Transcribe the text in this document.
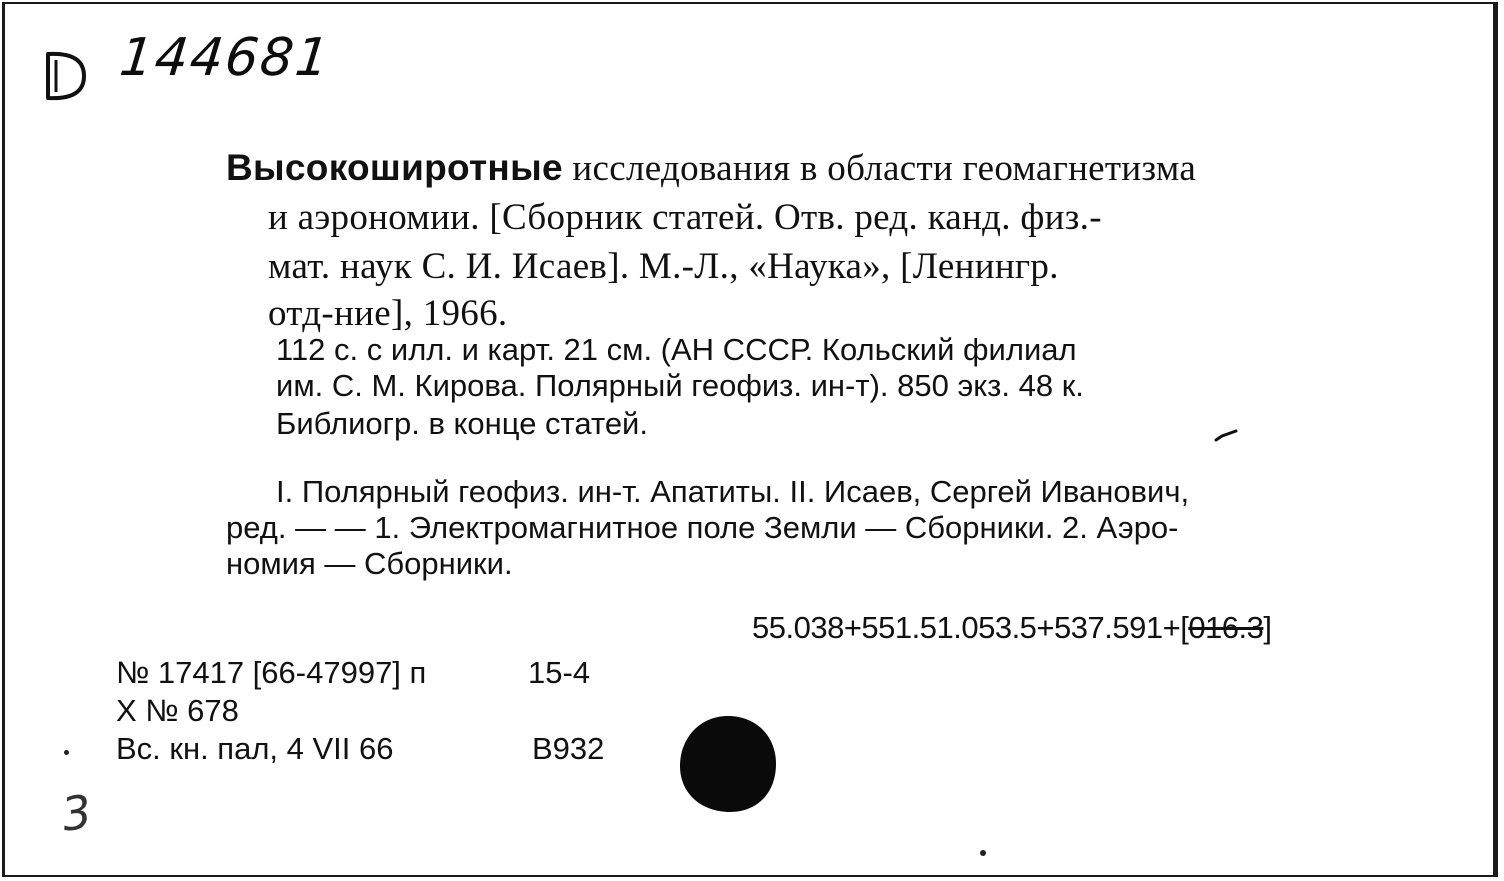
144681
Высокоширотные исследования в области геомагнетизма
и аэрономии. [Сборник статей. Отв. ред. канд. физ.-
мат. наук С. И. Исаев]. М.-Л., «Наука», [Ленингр.
отд-ние], 1966.
112 с. с илл. и карт. 21 см. (АН СССР. Кольский филиал
им. С. М. Кирова. Полярный геофиз. ин-т). 850 экз. 48 к.
Библиогр. в конце статей.
I. Полярный геофиз. ин-т. Апатиты. II. Исаев, Сергей Иванович,
ред. — — 1. Электромагнитное поле Земли — Сборники. 2. Аэро-
номия — Сборники.
55.038+551.51.053.5+537.591+[016.3]
№ 17417 [66-47997] п	15-4
X № 678
Вс. кн. пал, 4 VII 66	В932
3
